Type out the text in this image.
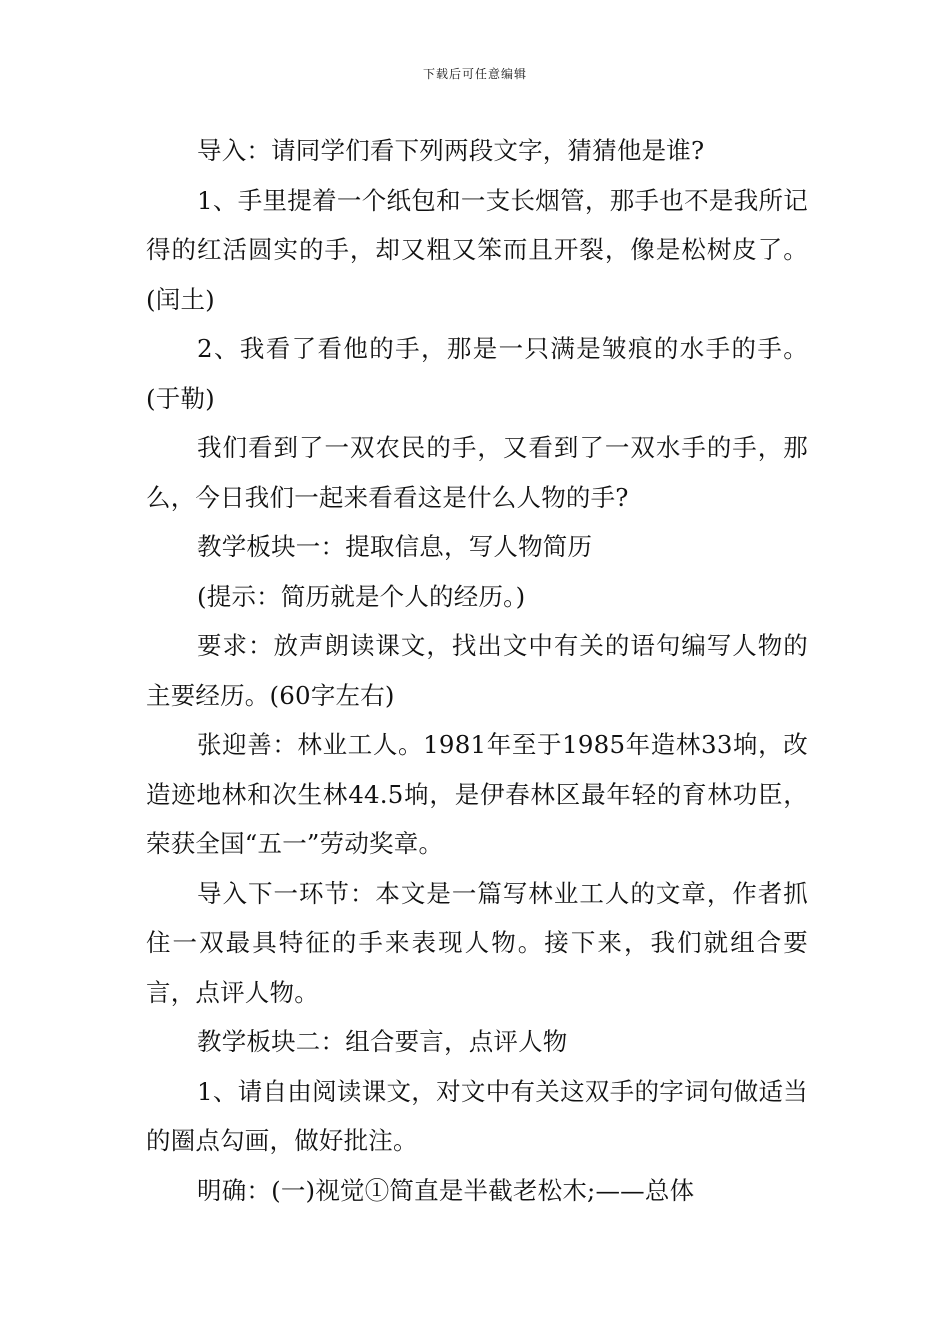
下载后可任意编辑

导入：请同学们看下列两段文字，猜猜他是谁?

1、手里提着一个纸包和一支长烟管，那手也不是我所记得的红活圆实的手，却又粗又笨而且开裂，像是松树皮了。(闰土)

2、我看了看他的手，那是一只满是皱痕的水手的手。(于勒)

我们看到了一双农民的手，又看到了一双水手的手，那么，今日我们一起来看看这是什么人物的手?

教学板块一：提取信息，写人物简历

(提示：简历就是个人的经历。)

要求：放声朗读课文，找出文中有关的语句编写人物的主要经历。(60字左右)

张迎善：林业工人。1981年至于1985年造林33垧，改造迹地林和次生林44.5垧，是伊春林区最年轻的育林功臣，荣获全国“五一”劳动奖章。

导入下一环节：本文是一篇写林业工人的文章，作者抓住一双最具特征的手来表现人物。接下来，我们就组合要言，点评人物。

教学板块二：组合要言，点评人物

1、请自由阅读课文，对文中有关这双手的字词句做适当的圈点勾画，做好批注。

明确：(一)视觉①简直是半截老松木;——总体
